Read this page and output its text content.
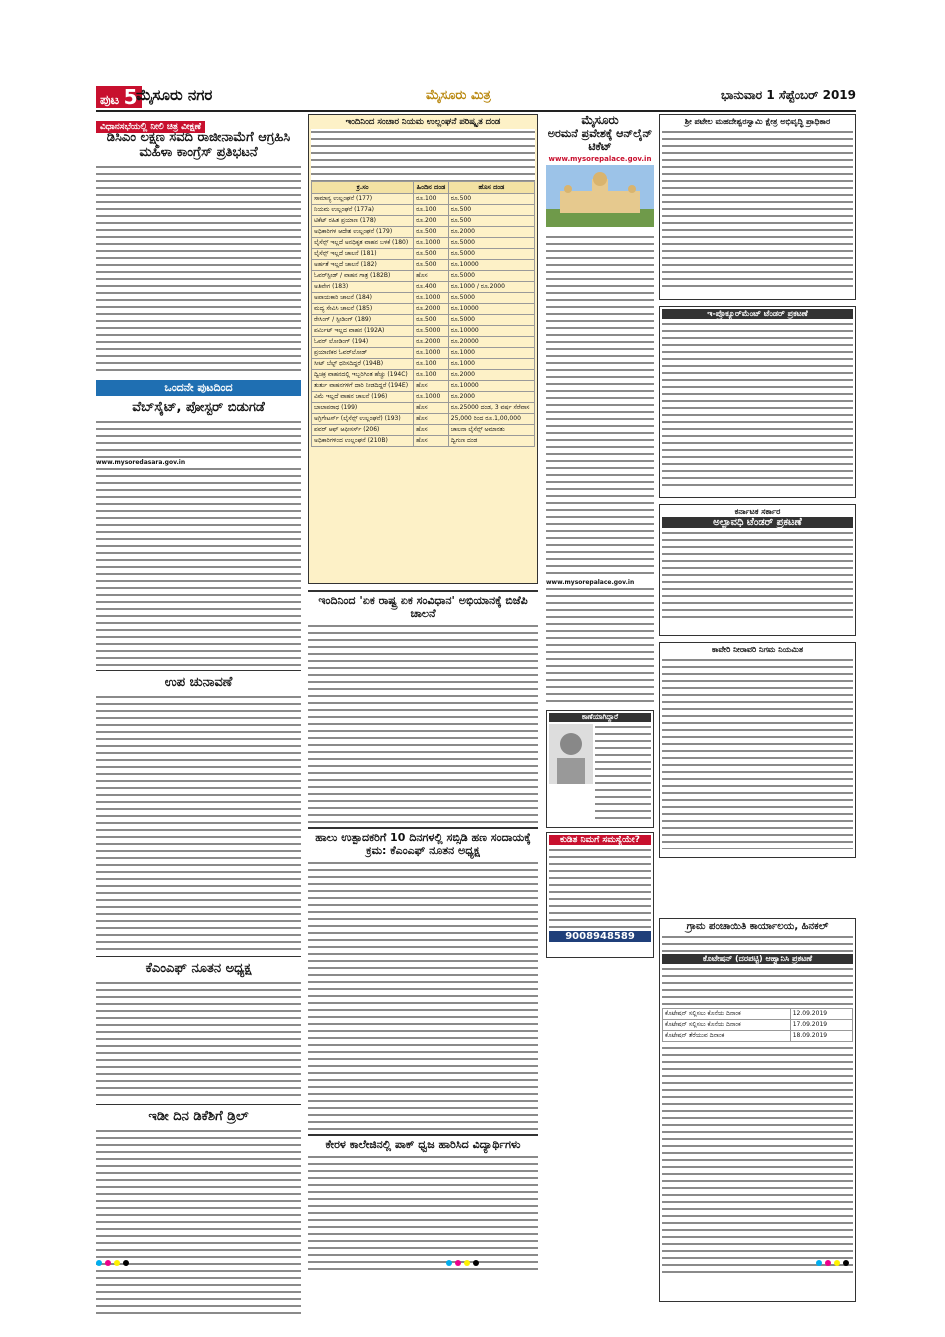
ಪುಟ 5
ಮೈಸೂರು ನಗರ	ಮೈಸೂರು ಮಿತ್ರ	ಭಾನುವಾರ 1 ಸೆಪ್ಟೆಂಬರ್ 2019
ವಿಧಾನಸಭೆಯಲ್ಲಿ ನೀಲಿ ಚಿತ್ರ ವೀಕ್ಷಣೆ
ಡಿಸಿಎಂ ಲಕ್ಷ್ಮಣ ಸವದಿ ರಾಜೀನಾಮೆಗೆ ಆಗ್ರಹಿಸಿ ಮಹಿಳಾ ಕಾಂಗ್ರೆಸ್ ಪ್ರತಿಭಟನೆ
ಒಂದನೇ ಪುಟದಿಂದ
ವೆಬ್‌ಸೈಟ್, ಪೋಸ್ಟರ್ ಬಿಡುಗಡೆ
www.mysoredasara.gov.in
ಉಪ ಚುನಾವಣೆ
ಕೆಎಂಎಫ್ ನೂತನ ಅಧ್ಯಕ್ಷ
ಇಡೀ ದಿನ ಡಿಕೆಶಿಗೆ ಡ್ರಿಲ್
ಇಂದಿನಿಂದ ಸಂಚಾರ ನಿಯಮ ಉಲ್ಲಂಘನೆ ಪರಿಷ್ಕೃತ ದಂಡ
ಕ್ರ.ಸಂ	ಹಿಂದಿನ ದಂಡ	ಹೊಸ ದಂಡ
ಸಾಮಾನ್ಯ ಉಲ್ಲಂಘನೆ (177)	ರೂ.100	ರೂ.500
ನಿಯಮ ಉಲ್ಲಂಘನೆ (177a)	ರೂ.100	ರೂ.500
ಟಿಕೆಟ್ ರಹಿತ ಪ್ರಯಾಣ (178)	ರೂ.200	ರೂ.500
ಅಧಿಕಾರಿಗಳ ಆದೇಶ ಉಲ್ಲಂಘನೆ (179)	ರೂ.500	ರೂ.2000
ಲೈಸೆನ್ಸ್ ಇಲ್ಲದೆ ಅನಧಿಕೃತ ವಾಹನ ಬಳಕೆ (180)	ರೂ.1000	ರೂ.5000
ಲೈಸೆನ್ಸ್ ಇಲ್ಲದೆ ಚಾಲನೆ (181)	ರೂ.500	ರೂ.5000
ಅರ್ಹತೆ ಇಲ್ಲದೆ ಚಾಲನೆ (182)	ರೂ.500	ರೂ.10000
ಓವರ್‌ಸ್ಪೀಡ್ / ವಾಹನ ಗಾತ್ರ (182B)	ಹೊಸ	ರೂ.5000
ಅತಿವೇಗ (183)	ರೂ.400	ರೂ.1000 / ರೂ.2000
ಅಪಾಯಕಾರಿ ಚಾಲನೆ (184)	ರೂ.1000	ರೂ.5000
ಮದ್ಯ ಸೇವಿಸಿ ಚಾಲನೆ (185)	ರೂ.2000	ರೂ.10000
ರೇಸಿಂಗ್ / ಸ್ಪೀಡಿಂಗ್ (189)	ರೂ.500	ರೂ.5000
ಪರ್ಮಿಟ್ ಇಲ್ಲದ ವಾಹನ (192A)	ರೂ.5000	ರೂ.10000
ಓವರ್ ಲೋಡಿಂಗ್ (194)	ರೂ.2000	ರೂ.20000
ಪ್ರಯಾಣಿಕರ ಓವರ್‌ಲೋಡ್	ರೂ.1000	ರೂ.1000
ಸೀಟ್ ಬೆಲ್ಟ್ ಧರಿಸದಿದ್ದರೆ (194B)	ರೂ.100	ರೂ.1000
ದ್ವಿಚಕ್ರ ವಾಹನದಲ್ಲಿ ಇಬ್ಬರಿಗಿಂತ ಹೆಚ್ಚು (194C)	ರೂ.100	ರೂ.2000
ತುರ್ತು ವಾಹನಗಳಿಗೆ ದಾರಿ ನೀಡದಿದ್ದರೆ (194E)	ಹೊಸ	ರೂ.10000
ವಿಮೆ ಇಲ್ಲದೆ ವಾಹನ ಚಾಲನೆ (196)	ರೂ.1000	ರೂ.2000
ಬಾಲಾಪರಾಧ (199)	ಹೊಸ	ರೂ.25000 ದಂಡ, 3 ವರ್ಷ ಸೆರೆವಾಸ
ಅಗ್ರಿಗೇಟರ್ಸ್ (ಲೈಸೆನ್ಸ್ ಉಲ್ಲಂಘನೆ) (193)	ಹೊಸ	25,000 ರಿಂದ ರೂ.1,00,000
ಪವರ್ ಆಫ್ ಆಫೀಸರ್ಸ್ (206)	ಹೊಸ	ಚಾಲನಾ ಲೈಸೆನ್ಸ್ ಅಮಾನತು
ಅಧಿಕಾರಿಗಳಿಂದ ಉಲ್ಲಂಘನೆ (210B)	ಹೊಸ	ದ್ವಿಗುಣ ದಂಡ
ಇಂದಿನಿಂದ 'ಏಕ ರಾಷ್ಟ್ರ ಏಕ ಸಂವಿಧಾನ' ಅಭಿಯಾನಕ್ಕೆ ಬಿಜೆಪಿ ಚಾಲನೆ
ಹಾಲು ಉತ್ಪಾದಕರಿಗೆ 10 ದಿನಗಳಲ್ಲಿ ಸಬ್ಸಿಡಿ ಹಣ ಸಂದಾಯಕ್ಕೆ ಕ್ರಮ: ಕೆಎಂಎಫ್ ನೂತನ ಅಧ್ಯಕ್ಷ
ಕೇರಳ ಕಾಲೇಜಿನಲ್ಲಿ ಪಾಕ್ ಧ್ವಜ ಹಾರಿಸಿದ ವಿದ್ಯಾರ್ಥಿಗಳು
ಮೈಸೂರು
ಅರಮನೆ ಪ್ರವೇಶಕ್ಕೆ ಆನ್‌ಲೈನ್ ಟಿಕೆಟ್
www.mysorepalace.gov.in
www.mysorepalace.gov.in
ಕಾಣೆಯಾಗಿದ್ದಾರೆ
ಕುಡಿತ ನಿಮಗೆ ಸಮಸ್ಯೆಯೇ?
9008948589
ಶ್ರೀ ಪಟೇಲ ಮಹದೇಶ್ವರಸ್ವಾಮಿ ಕ್ಷೇತ್ರ ಅಭಿವೃದ್ಧಿ ಪ್ರಾಧಿಕಾರ
ಇ-ಪ್ರೊಕ್ಯೂರ್‌ಮೆಂಟ್ ಟೆಂಡರ್ ಪ್ರಕಟಣೆ
ಕರ್ನಾಟಕ ಸರ್ಕಾರ
ಅಲ್ಪಾವಧಿ ಟೆಂಡರ್ ಪ್ರಕಟಣೆ
ಕಾವೇರಿ ನೀರಾವರಿ ನಿಗಮ ನಿಯಮಿತ
ಗ್ರಾಮ ಪಂಚಾಯಿತಿ ಕಾರ್ಯಾಲಯ, ಹಿನಕಲ್
ಕೊಟೇಷನ್ (ದರಪಟ್ಟಿ) ಆಹ್ವಾನಿಸಿ ಪ್ರಕಟಣೆ
ಕೊಟೇಷನ್ ಸಲ್ಲಿಸಲು ಕೊನೆಯ ದಿನಾಂಕ	12.09.2019
ಕೊಟೇಷನ್ ಸಲ್ಲಿಸಲು ಕೊನೆಯ ದಿನಾಂಕ	17.09.2019
ಕೊಟೇಷನ್ ತೆರೆಯುವ ದಿನಾಂಕ	18.09.2019
